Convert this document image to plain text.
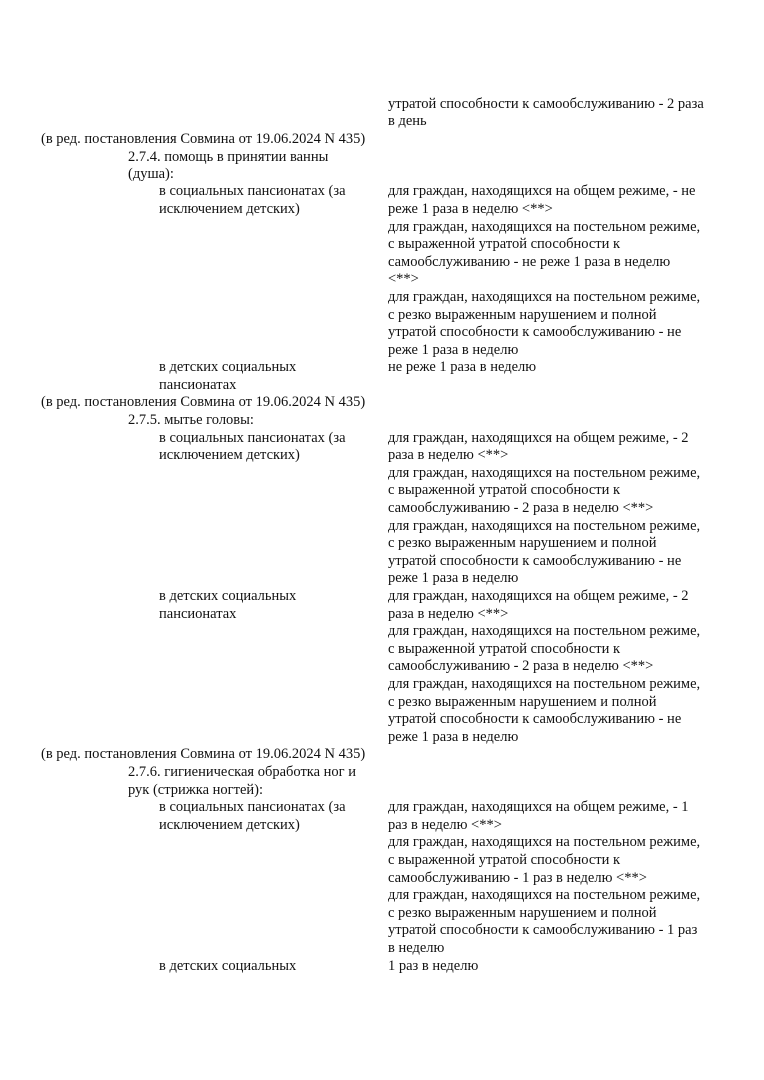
утратой способности к самообслуживанию - 2 раза
в день
(в ред. постановления Совмина от 19.06.2024 N 435)
2.7.4. помощь в принятии ванны
(душа):
в социальных пансионатах (за	для граждан, находящихся на общем режиме, - не
исключением детских)	реже 1 раза в неделю <**>
для граждан, находящихся на постельном режиме,
с выраженной утратой способности к
самообслуживанию - не реже 1 раза в неделю
<**>
для граждан, находящихся на постельном режиме,
с резко выраженным нарушением и полной
утратой способности к самообслуживанию - не
реже 1 раза в неделю
в детских социальных	не реже 1 раза в неделю
пансионатах
(в ред. постановления Совмина от 19.06.2024 N 435)
2.7.5. мытье головы:
в социальных пансионатах (за	для граждан, находящихся на общем режиме, - 2
исключением детских)	раза в неделю <**>
для граждан, находящихся на постельном режиме,
с выраженной утратой способности к
самообслуживанию - 2 раза в неделю <**>
для граждан, находящихся на постельном режиме,
с резко выраженным нарушением и полной
утратой способности к самообслуживанию - не
реже 1 раза в неделю
в детских социальных	для граждан, находящихся на общем режиме, - 2
пансионатах	раза в неделю <**>
для граждан, находящихся на постельном режиме,
с выраженной утратой способности к
самообслуживанию - 2 раза в неделю <**>
для граждан, находящихся на постельном режиме,
с резко выраженным нарушением и полной
утратой способности к самообслуживанию - не
реже 1 раза в неделю
(в ред. постановления Совмина от 19.06.2024 N 435)
2.7.6. гигиеническая обработка ног и
рук (стрижка ногтей):
в социальных пансионатах (за	для граждан, находящихся на общем режиме, - 1
исключением детских)	раз в неделю <**>
для граждан, находящихся на постельном режиме,
с выраженной утратой способности к
самообслуживанию - 1 раз в неделю <**>
для граждан, находящихся на постельном режиме,
с резко выраженным нарушением и полной
утратой способности к самообслуживанию - 1 раз
в неделю
в детских социальных	1 раз в неделю
